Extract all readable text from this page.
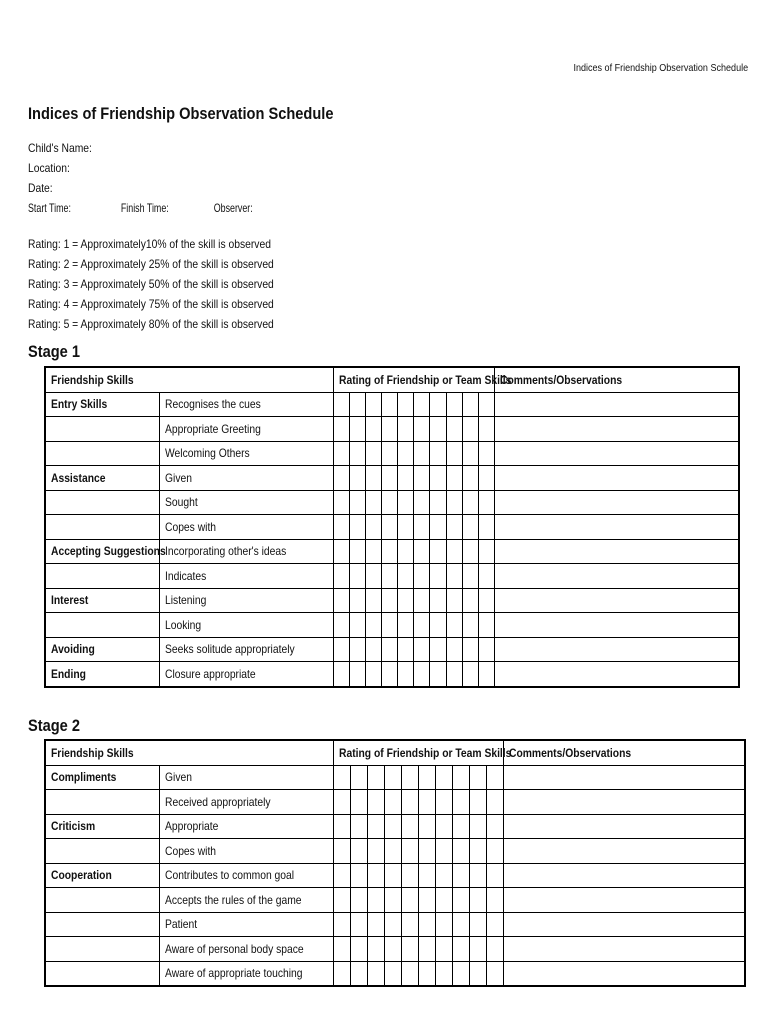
Indices of Friendship Observation Schedule
Indices of Friendship Observation Schedule
Child's Name:
Location:
Date:
Start Time:	Finish Time:	Observer:
Rating: 1 = Approximately10% of the skill is observed
Rating: 2 = Approximately 25% of the skill is observed
Rating: 3 = Approximately 50% of the skill is observed
Rating: 4 = Approximately 75% of the skill is observed
Rating: 5 = Approximately 80% of the skill is observed
Stage 1
Friendship Skills		Rating of Friendship or Team Skills										Comments/Observations
Entry Skills	Recognises the cues											
	Appropriate Greeting											
	Welcoming Others											
Assistance	Given											
	Sought											
	Copes with											
Accepting Suggestions	Incorporating other's ideas											
	Indicates											
Interest	Listening											
	Looking											
Avoiding	Seeks solitude appropriately											
Ending	Closure appropriate											
Stage 2
Friendship Skills		Rating of Friendship or Team Skills										Comments/Observations
Compliments	Given											
	Received appropriately											
Criticism	Appropriate											
	Copes with											
Cooperation	Contributes to common goal											
	Accepts the rules of the game											
	Patient											
	Aware of personal body space											
	Aware of appropriate touching											
